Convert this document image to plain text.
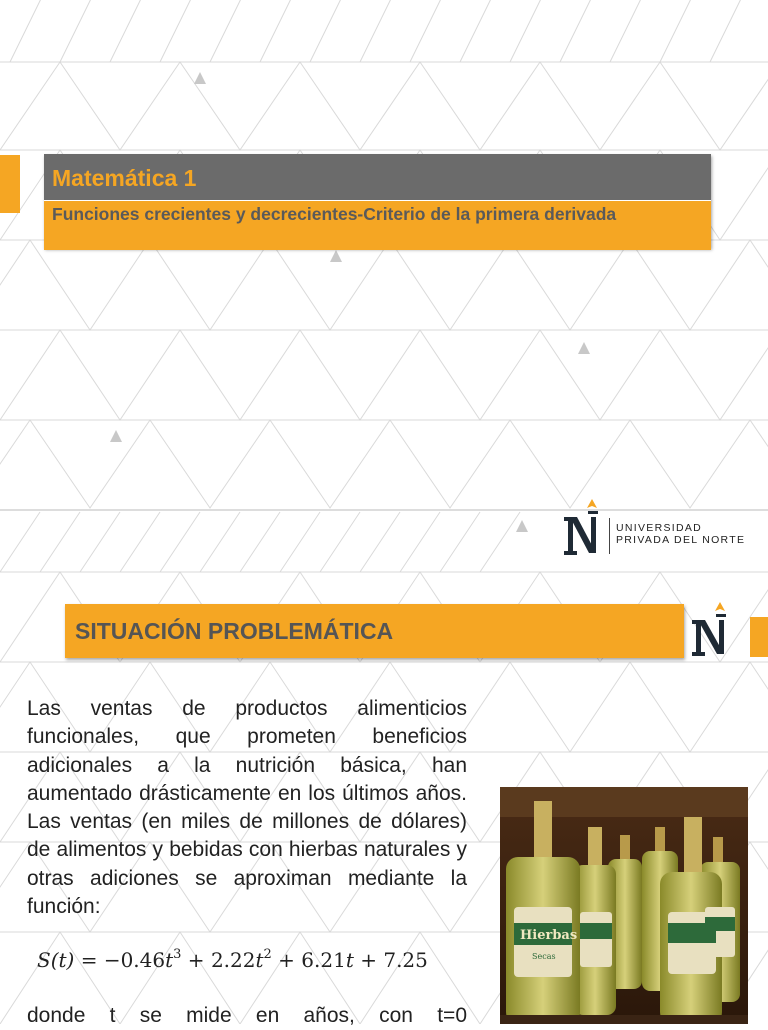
Matemática 1
Funciones crecientes y decrecientes-Criterio de la primera derivada
UNIVERSIDAD
PRIVADA DEL NORTE
SITUACIÓN PROBLEMÁTICA
Las ventas de productos alimenticios funcionales, que prometen beneficios adicionales a la nutrición básica, han aumentado drásticamente en los últimos años. Las ventas (en miles de millones de dólares) de alimentos y bebidas con hierbas naturales y otras adiciones se aproximan mediante la función:
$S(t) = -0.46t^3 + 2.22t^2 + 6.21t + 7.25$
donde t se mide en años, con t=0
Hierbas
Secas
